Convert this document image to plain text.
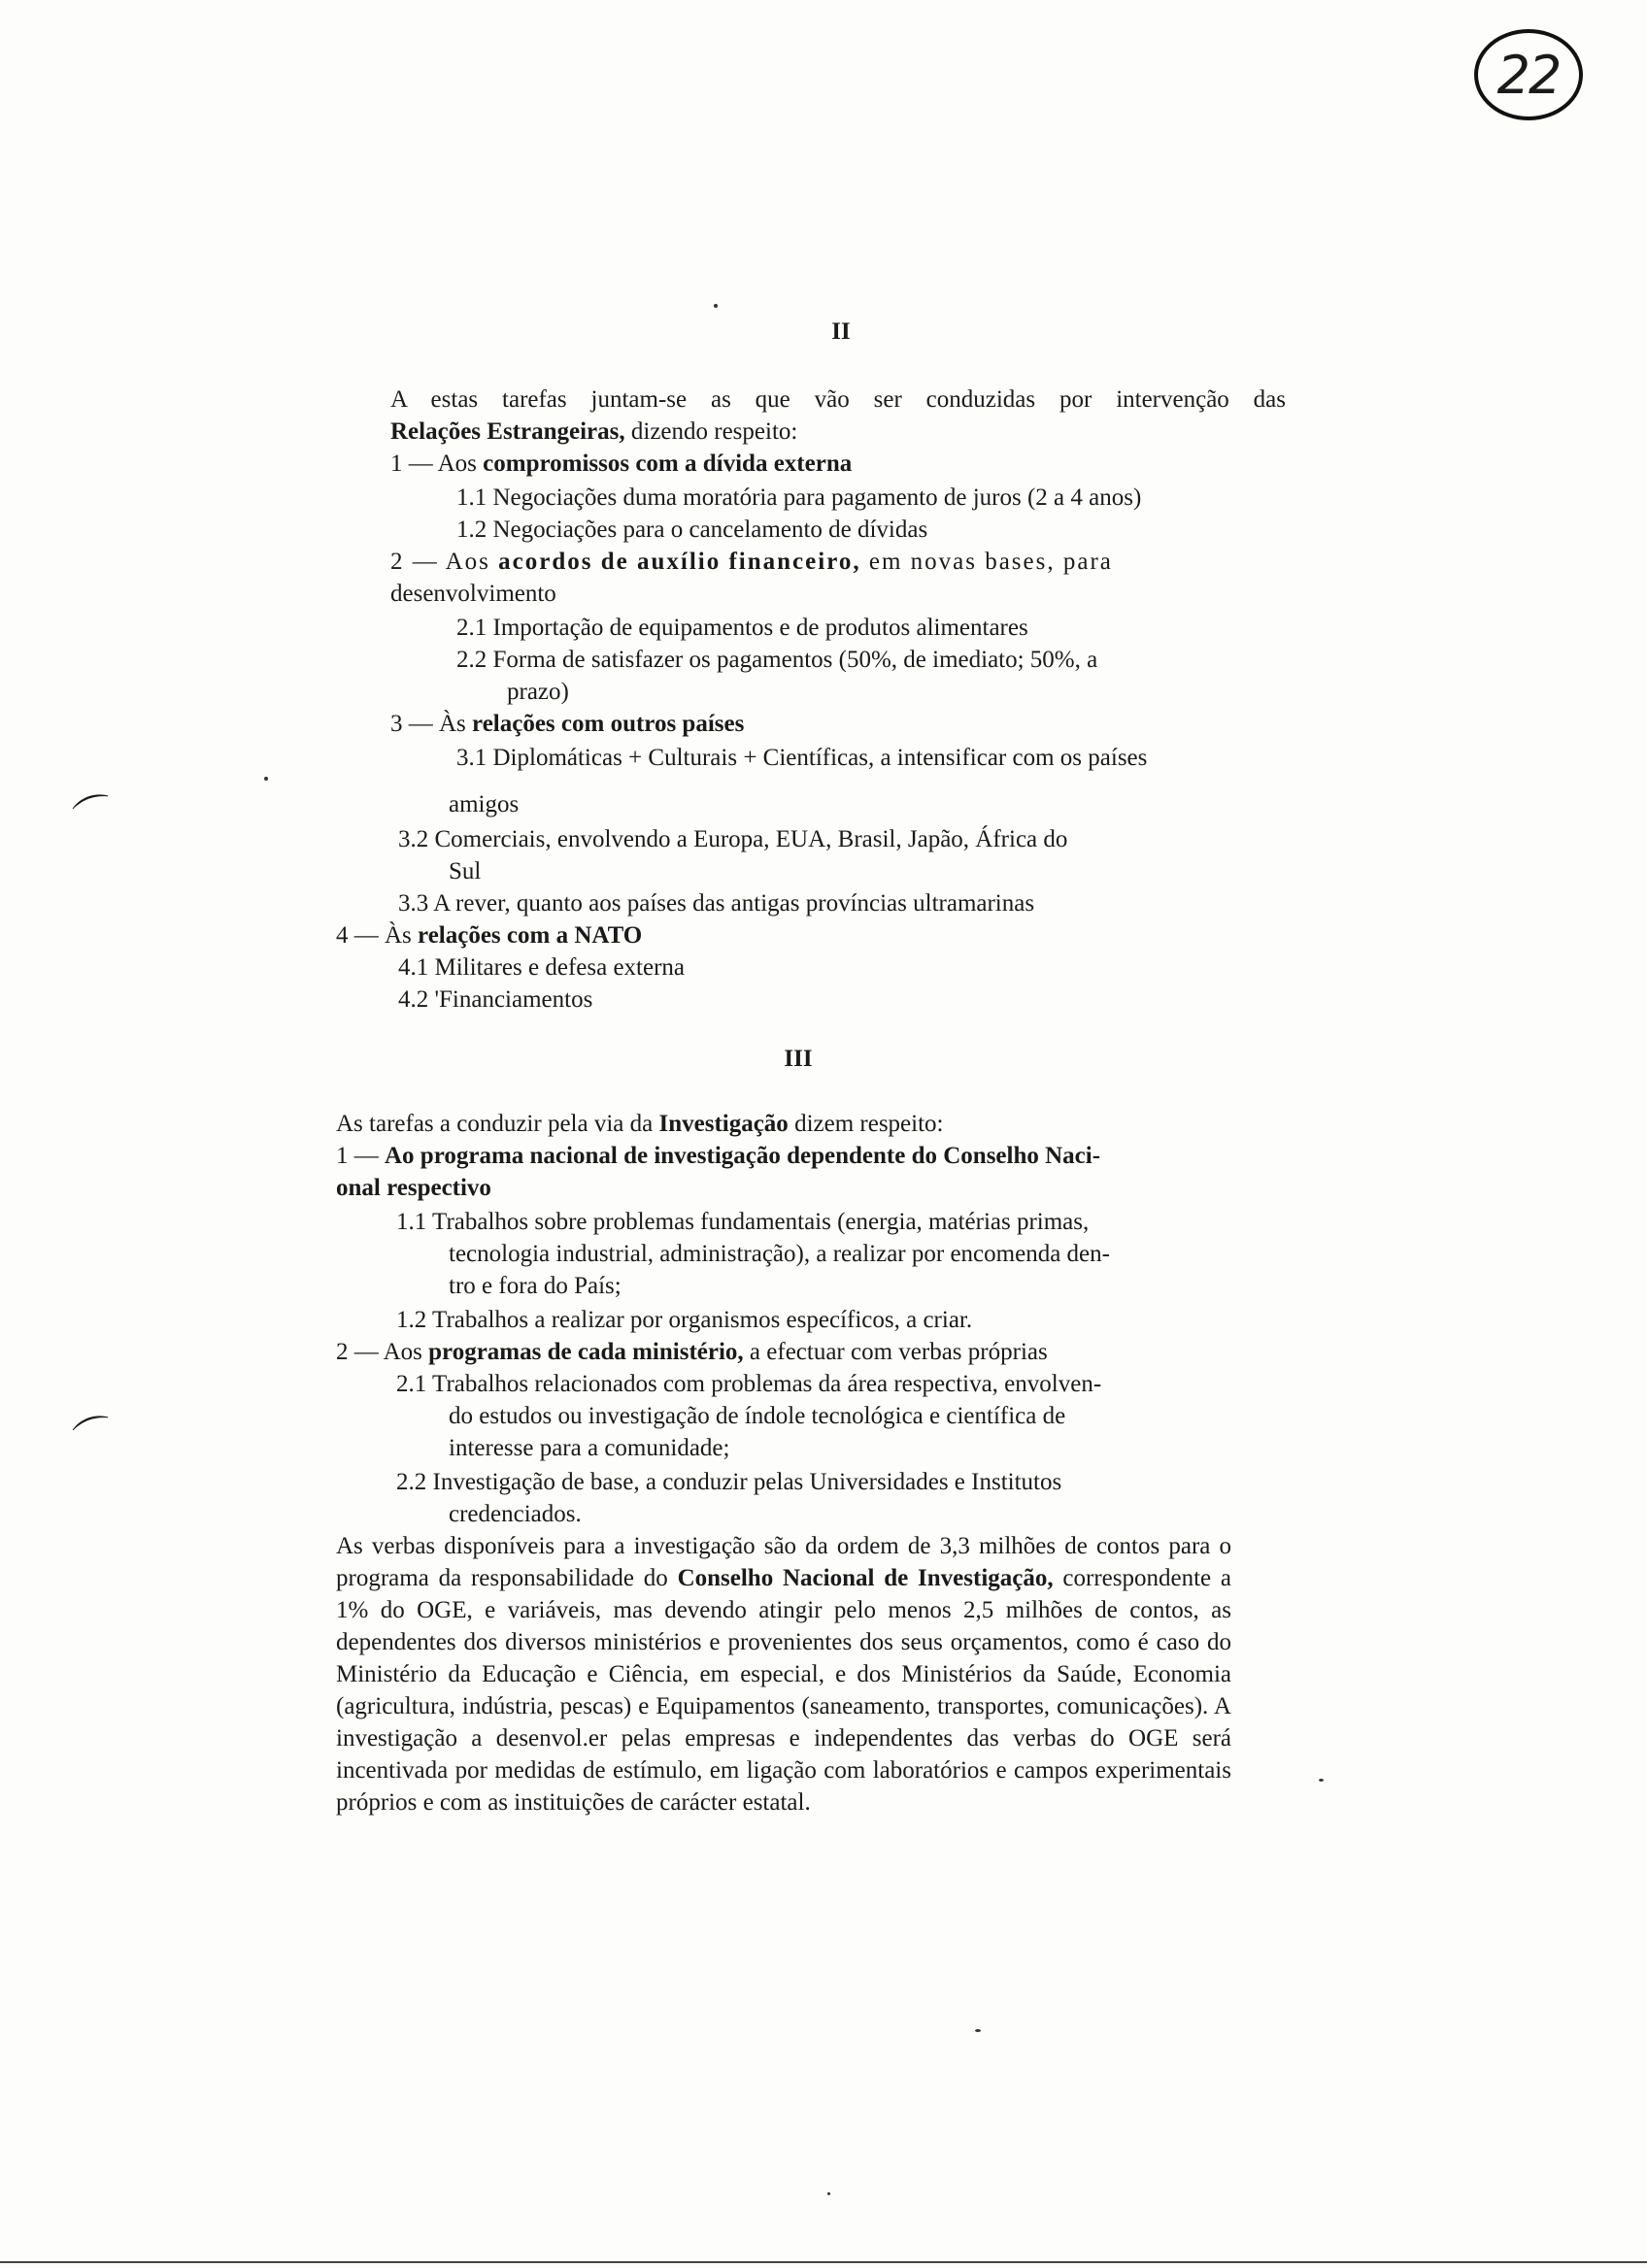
22
II
A estas tarefas juntam-se as que vão ser conduzidas por intervenção das
Relações Estrangeiras, dizendo respeito:
1 — Aos compromissos com a dívida externa
1.1 Negociações duma moratória para pagamento de juros (2 a 4 anos)
1.2 Negociações para o cancelamento de dívidas
2 — Aos acordos de auxílio financeiro, em novas bases, para
desenvolvimento
2.1 Importação de equipamentos e de produtos alimentares
2.2 Forma de satisfazer os pagamentos (50%, de imediato; 50%, a
prazo)
3 — Às relações com outros países
3.1 Diplomáticas + Culturais + Científicas, a intensificar com os países
amigos
3.2 Comerciais, envolvendo a Europa, EUA, Brasil, Japão, África do
Sul
3.3 A rever, quanto aos países das antigas províncias ultramarinas
4 — Às relações com a NATO
4.1 Militares e defesa externa
4.2 'Financiamentos
III
As tarefas a conduzir pela via da Investigação dizem respeito:
1 — Ao programa nacional de investigação dependente do Conselho Naci-
onal respectivo
1.1 Trabalhos sobre problemas fundamentais (energia, matérias primas,
tecnologia industrial, administração), a realizar por encomenda den-
tro e fora do País;
1.2 Trabalhos a realizar por organismos específicos, a criar.
2 — Aos programas de cada ministério, a efectuar com verbas próprias
2.1 Trabalhos relacionados com problemas da área respectiva, envolven-
do estudos ou investigação de índole tecnológica e científica de
interesse para a comunidade;
2.2 Investigação de base, a conduzir pelas Universidades e Institutos
credenciados.
As verbas disponíveis para a investigação são da ordem de 3,3 milhões de contos para o programa da responsabilidade do Conselho Nacional de Investigação, correspondente a 1% do OGE, e variáveis, mas devendo atingir pelo menos 2,5 milhões de contos, as dependentes dos diversos ministérios e provenientes dos seus orçamentos, como é caso do Ministério da Educação e Ciência, em especial, e dos Ministérios da Saúde, Economia (agricultura, indústria, pescas) e Equipamentos (saneamento, transportes, comunicações). A investigação a desenvol.er pelas empresas e independentes das verbas do OGE será incentivada por medidas de estímulo, em ligação com laboratórios e campos experimentais próprios e com as instituições de carácter estatal.
⌒
⌒
